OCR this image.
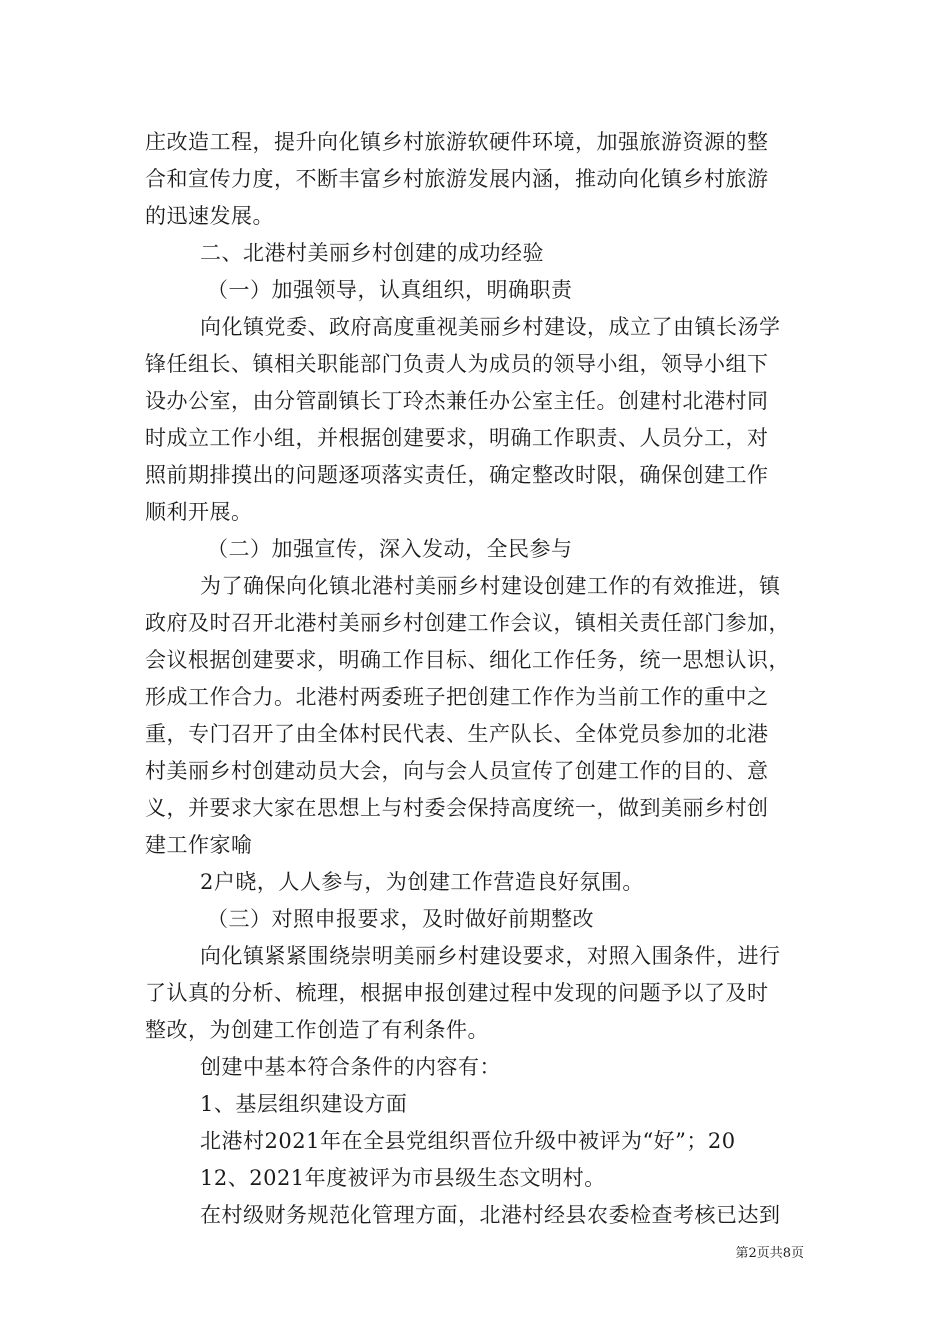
庄改造工程，提升向化镇乡村旅游软硬件环境，加强旅游资源的整
合和宣传力度，不断丰富乡村旅游发展内涵，推动向化镇乡村旅游
的迅速发展。
二、北港村美丽乡村创建的成功经验
（一）加强领导，认真组织，明确职责
向化镇党委、政府高度重视美丽乡村建设，成立了由镇长汤学
锋任组长、镇相关职能部门负责人为成员的领导小组，领导小组下
设办公室，由分管副镇长丁玲杰兼任办公室主任。创建村北港村同
时成立工作小组，并根据创建要求，明确工作职责、人员分工，对
照前期排摸出的问题逐项落实责任，确定整改时限，确保创建工作
顺利开展。
（二）加强宣传，深入发动，全民参与
为了确保向化镇北港村美丽乡村建设创建工作的有效推进，镇
政府及时召开北港村美丽乡村创建工作会议，镇相关责任部门参加，
会议根据创建要求，明确工作目标、细化工作任务，统一思想认识，
形成工作合力。北港村两委班子把创建工作作为当前工作的重中之
重，专门召开了由全体村民代表、生产队长、全体党员参加的北港
村美丽乡村创建动员大会，向与会人员宣传了创建工作的目的、意
义，并要求大家在思想上与村委会保持高度统一，做到美丽乡村创
建工作家喻
2户晓，人人参与，为创建工作营造良好氛围。
（三）对照申报要求，及时做好前期整改
向化镇紧紧围绕崇明美丽乡村建设要求，对照入围条件，进行
了认真的分析、梳理，根据申报创建过程中发现的问题予以了及时
整改，为创建工作创造了有利条件。
创建中基本符合条件的内容有：
1、基层组织建设方面
北港村2021年在全县党组织晋位升级中被评为“好”；20
12、2021年度被评为市县级生态文明村。
在村级财务规范化管理方面，北港村经县农委检查考核已达到
第2页共8页
